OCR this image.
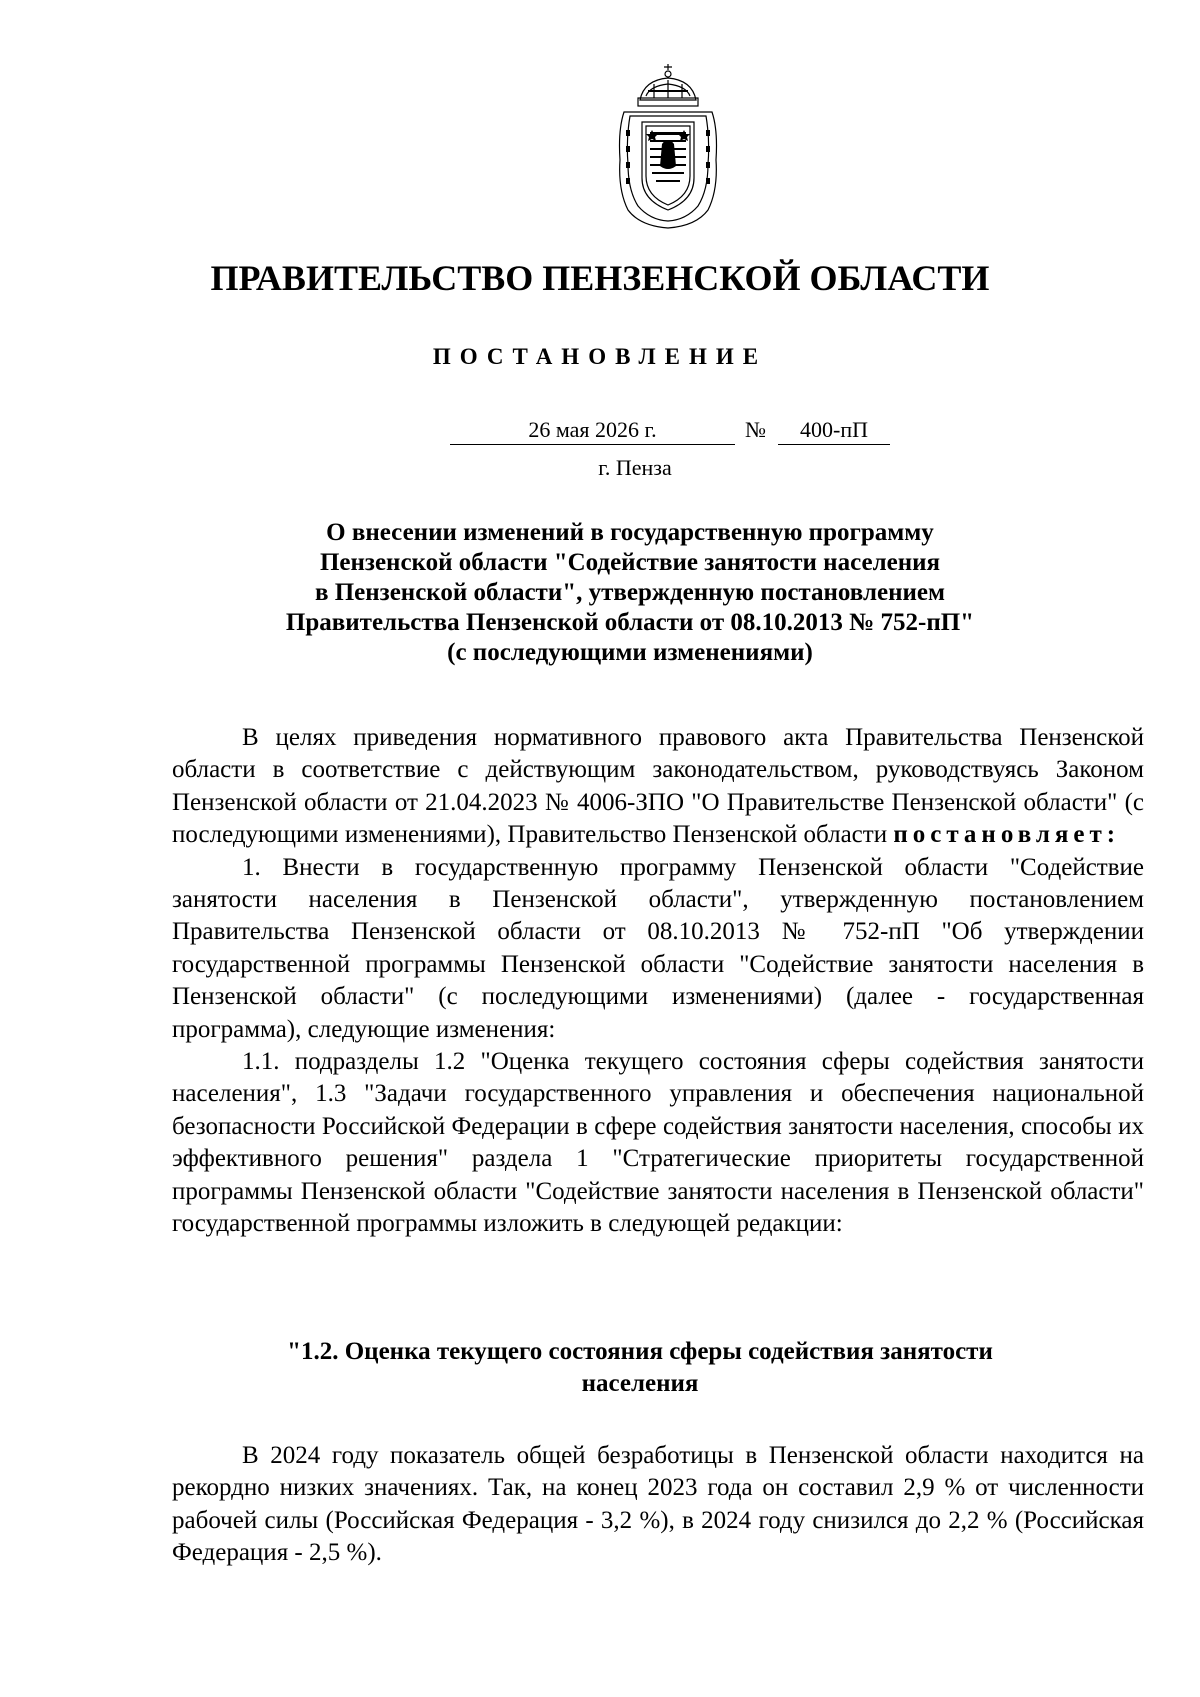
ПРАВИТЕЛЬСТВО ПЕНЗЕНСКОЙ ОБЛАСТИ
ПОСТАНОВЛЕНИЕ
26 мая 2026 г.	№	400-пП
г. Пенза
О внесении изменений в государственную программу
Пензенской области "Содействие занятости населения
в Пензенской области", утвержденную постановлением
Правительства Пензенской области от 08.10.2013 № 752-пП"
(с последующими изменениями)

В целях приведения нормативного правового акта Правительства Пензенской области в соответствие с действующим законодательством, руководствуясь Законом Пензенской области от 21.04.2023 № 4006-ЗПО "О Правительстве Пензенской области" (с последующими изменениями), Правительство Пензенской области постановляет:

1. Внести в государственную программу Пензенской области "Содействие занятости населения в Пензенской области", утвержденную постановлением Правительства Пензенской области от 08.10.2013 № 752-пП "Об утверждении государственной программы Пензенской области "Содействие занятости населения в Пензенской области" (с последующими изменениями) (далее - государственная программа), следующие изменения:

1.1. подразделы 1.2 "Оценка текущего состояния сферы содействия занятости населения", 1.3 "Задачи государственного управления и обеспечения национальной безопасности Российской Федерации в сфере содействия занятости населения, способы их эффективного решения" раздела 1 "Стратегические приоритеты государственной программы Пензенской области "Содействие занятости населения в Пензенской области" государственной программы изложить в следующей редакции:

"1.2. Оценка текущего состояния сферы содействия занятости
населения

В 2024 году показатель общей безработицы в Пензенской области находится на рекордно низких значениях. Так, на конец 2023 года он составил 2,9 % от численности рабочей силы (Российская Федерация - 3,2 %), в 2024 году снизился до 2,2 % (Российская Федерация - 2,5 %).
